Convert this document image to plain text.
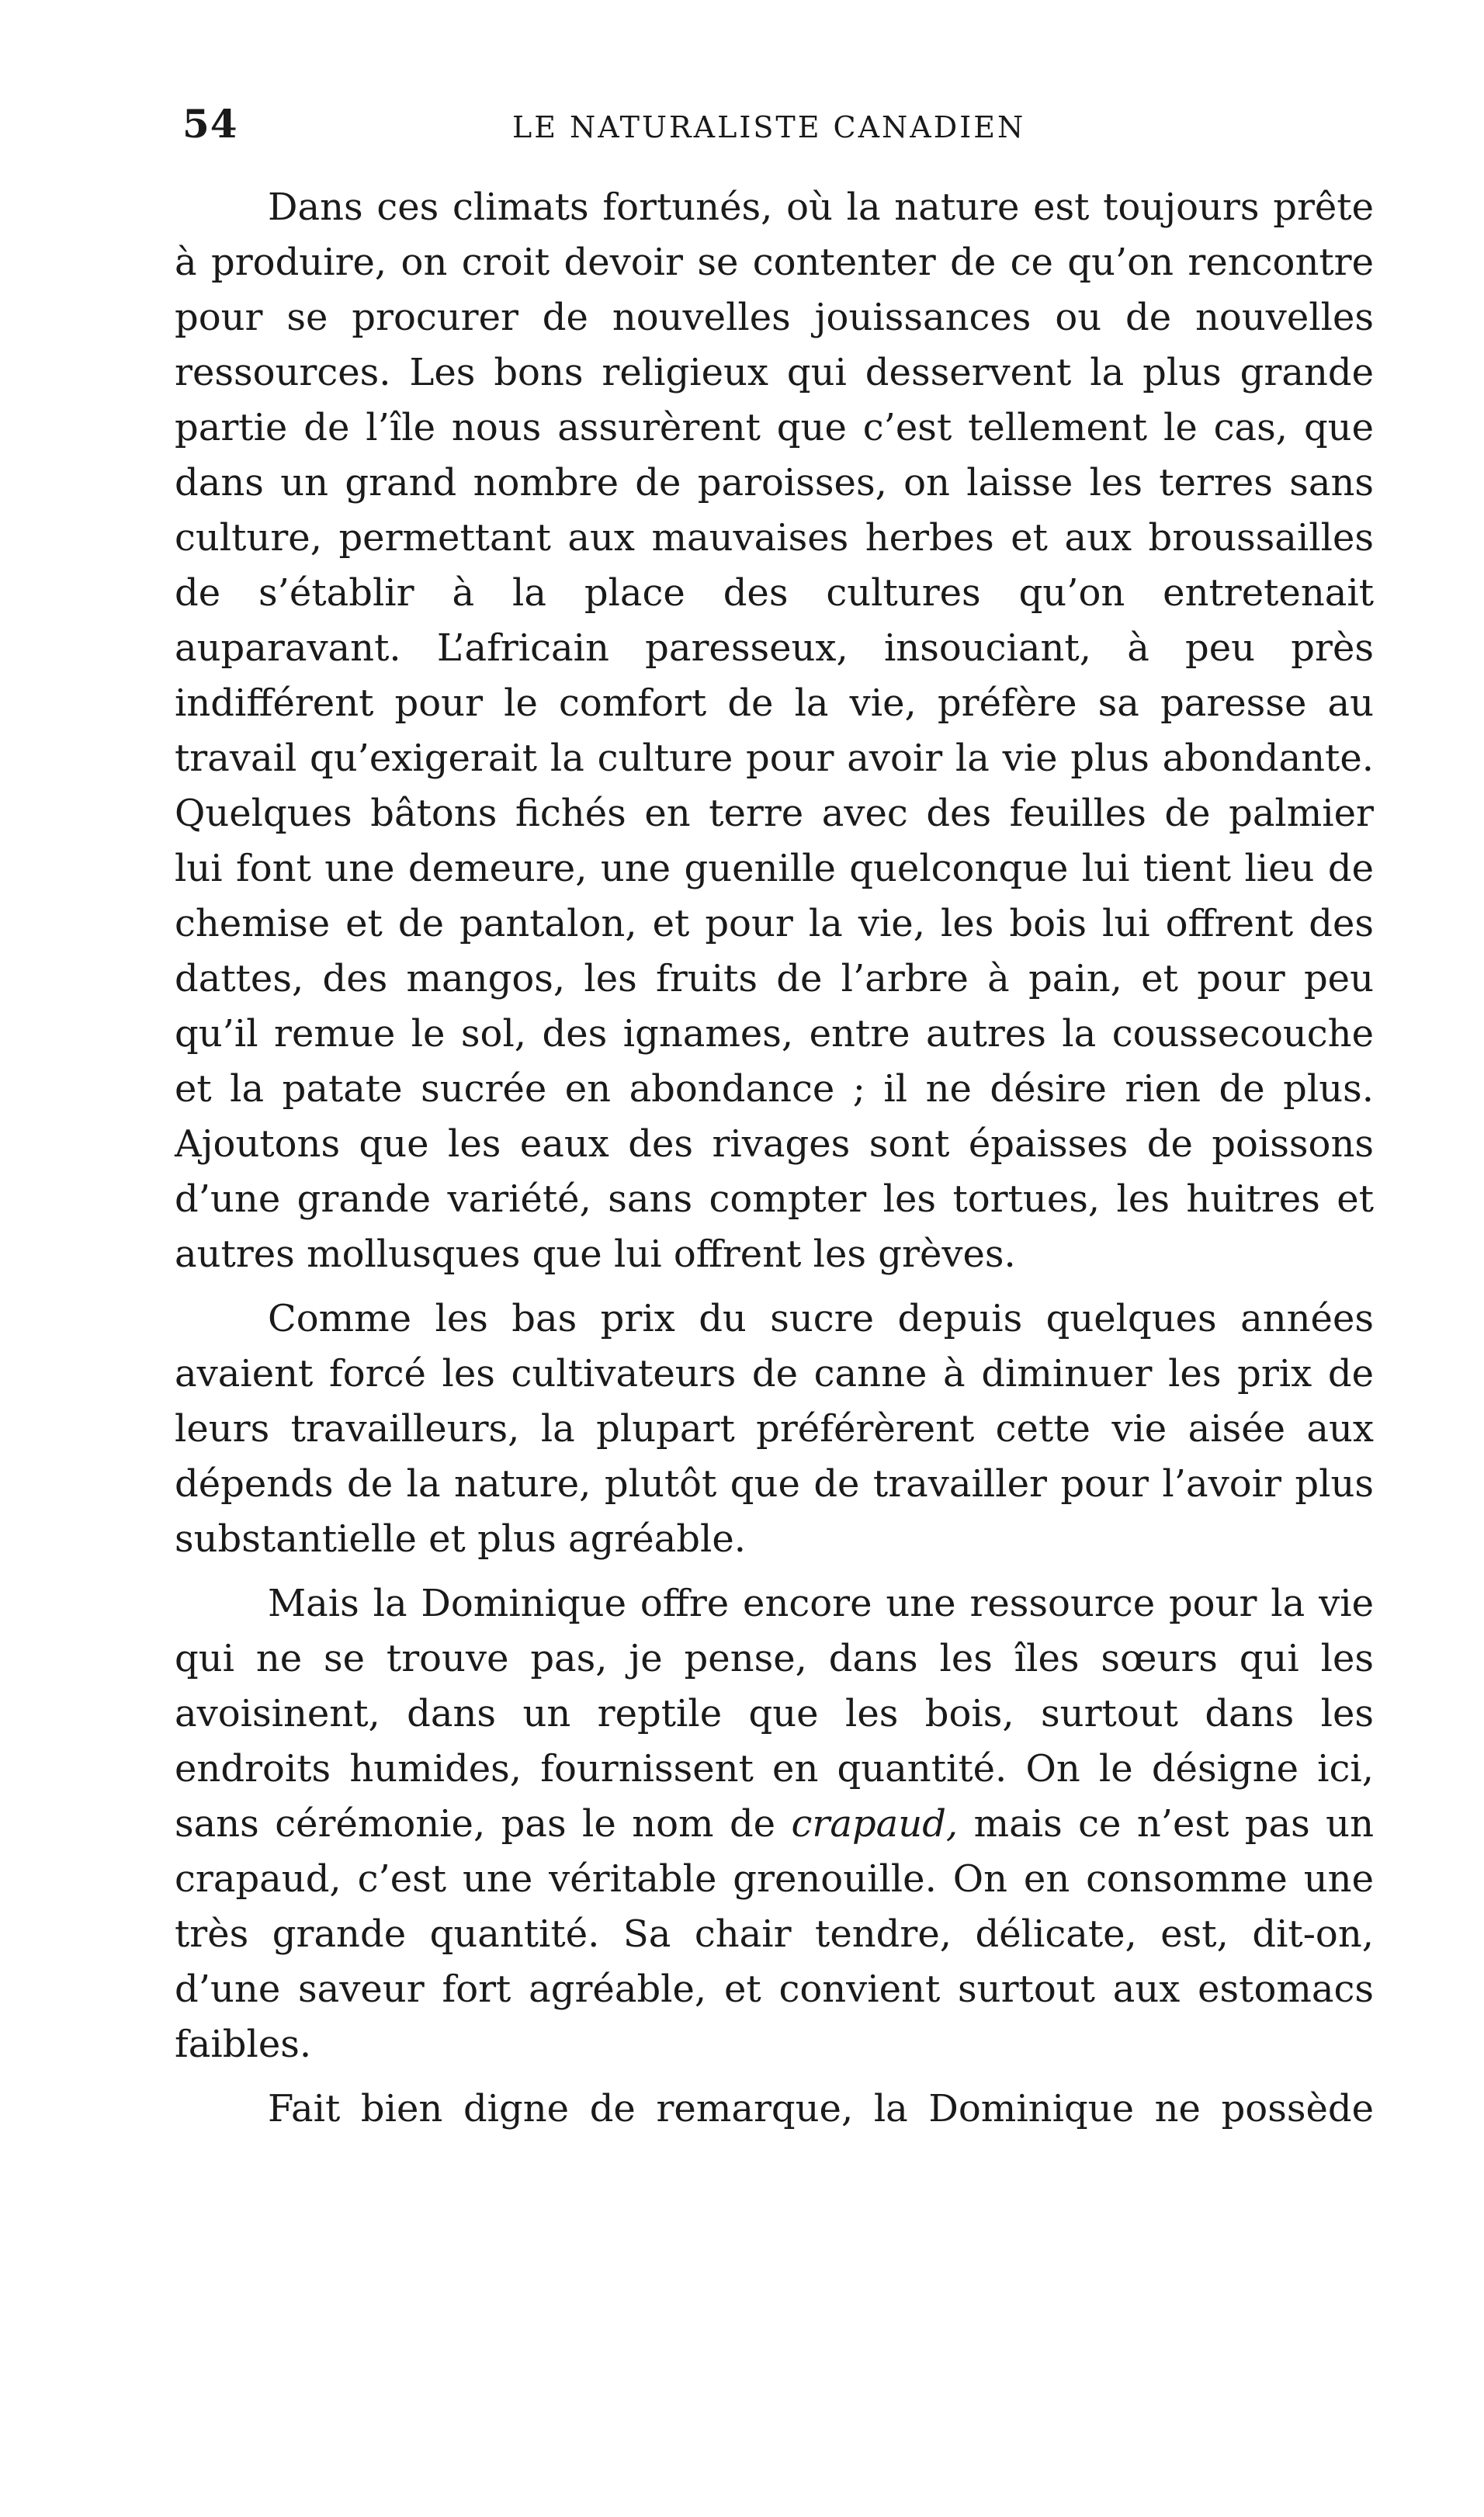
54	LE NATURALISTE CANADIEN

Dans ces climats fortunés, où la nature est toujours prête à produire, on croit devoir se contenter de ce qu’on rencontre pour se procurer de nouvelles jouissances ou de nouvelles ressources. Les bons religieux qui desservent la plus grande partie de l’île nous assurèrent que c’est tellement le cas, que dans un grand nombre de paroisses, on laisse les terres sans culture, permettant aux mauvaises herbes et aux broussailles de s’établir à la place des cultures qu’on entretenait auparavant. L’africain paresseux, insouciant, à peu près indifférent pour le comfort de la vie, préfère sa paresse au travail qu’exigerait la culture pour avoir la vie plus abondante. Quelques bâtons fichés en terre avec des feuilles de palmier lui font une demeure, une guenille quelconque lui tient lieu de chemise et de pantalon, et pour la vie, les bois lui offrent des dattes, des mangos, les fruits de l’arbre à pain, et pour peu qu’il remue le sol, des ignames, entre autres la coussecouche et la patate sucrée en abondance ; il ne désire rien de plus. Ajoutons que les eaux des rivages sont épaisses de poissons d’une grande variété, sans compter les tortues, les huitres et autres mollusques que lui offrent les grèves.

Comme les bas prix du sucre depuis quelques années avaient forcé les cultivateurs de canne à diminuer les prix de leurs travailleurs, la plupart préférèrent cette vie aisée aux dépends de la nature, plutôt que de travailler pour l’avoir plus substantielle et plus agréable.

Mais la Dominique offre encore une ressource pour la vie qui ne se trouve pas, je pense, dans les îles sœurs qui les avoisinent, dans un reptile que les bois, surtout dans les endroits humides, fournissent en quantité. On le désigne ici, sans cérémonie, pas le nom de crapaud, mais ce n’est pas un crapaud, c’est une véritable grenouille. On en consomme une très grande quantité. Sa chair tendre, délicate, est, dit-on, d’une saveur fort agréable, et convient surtout aux estomacs faibles.

Fait bien digne de remarque, la Dominique ne possède
